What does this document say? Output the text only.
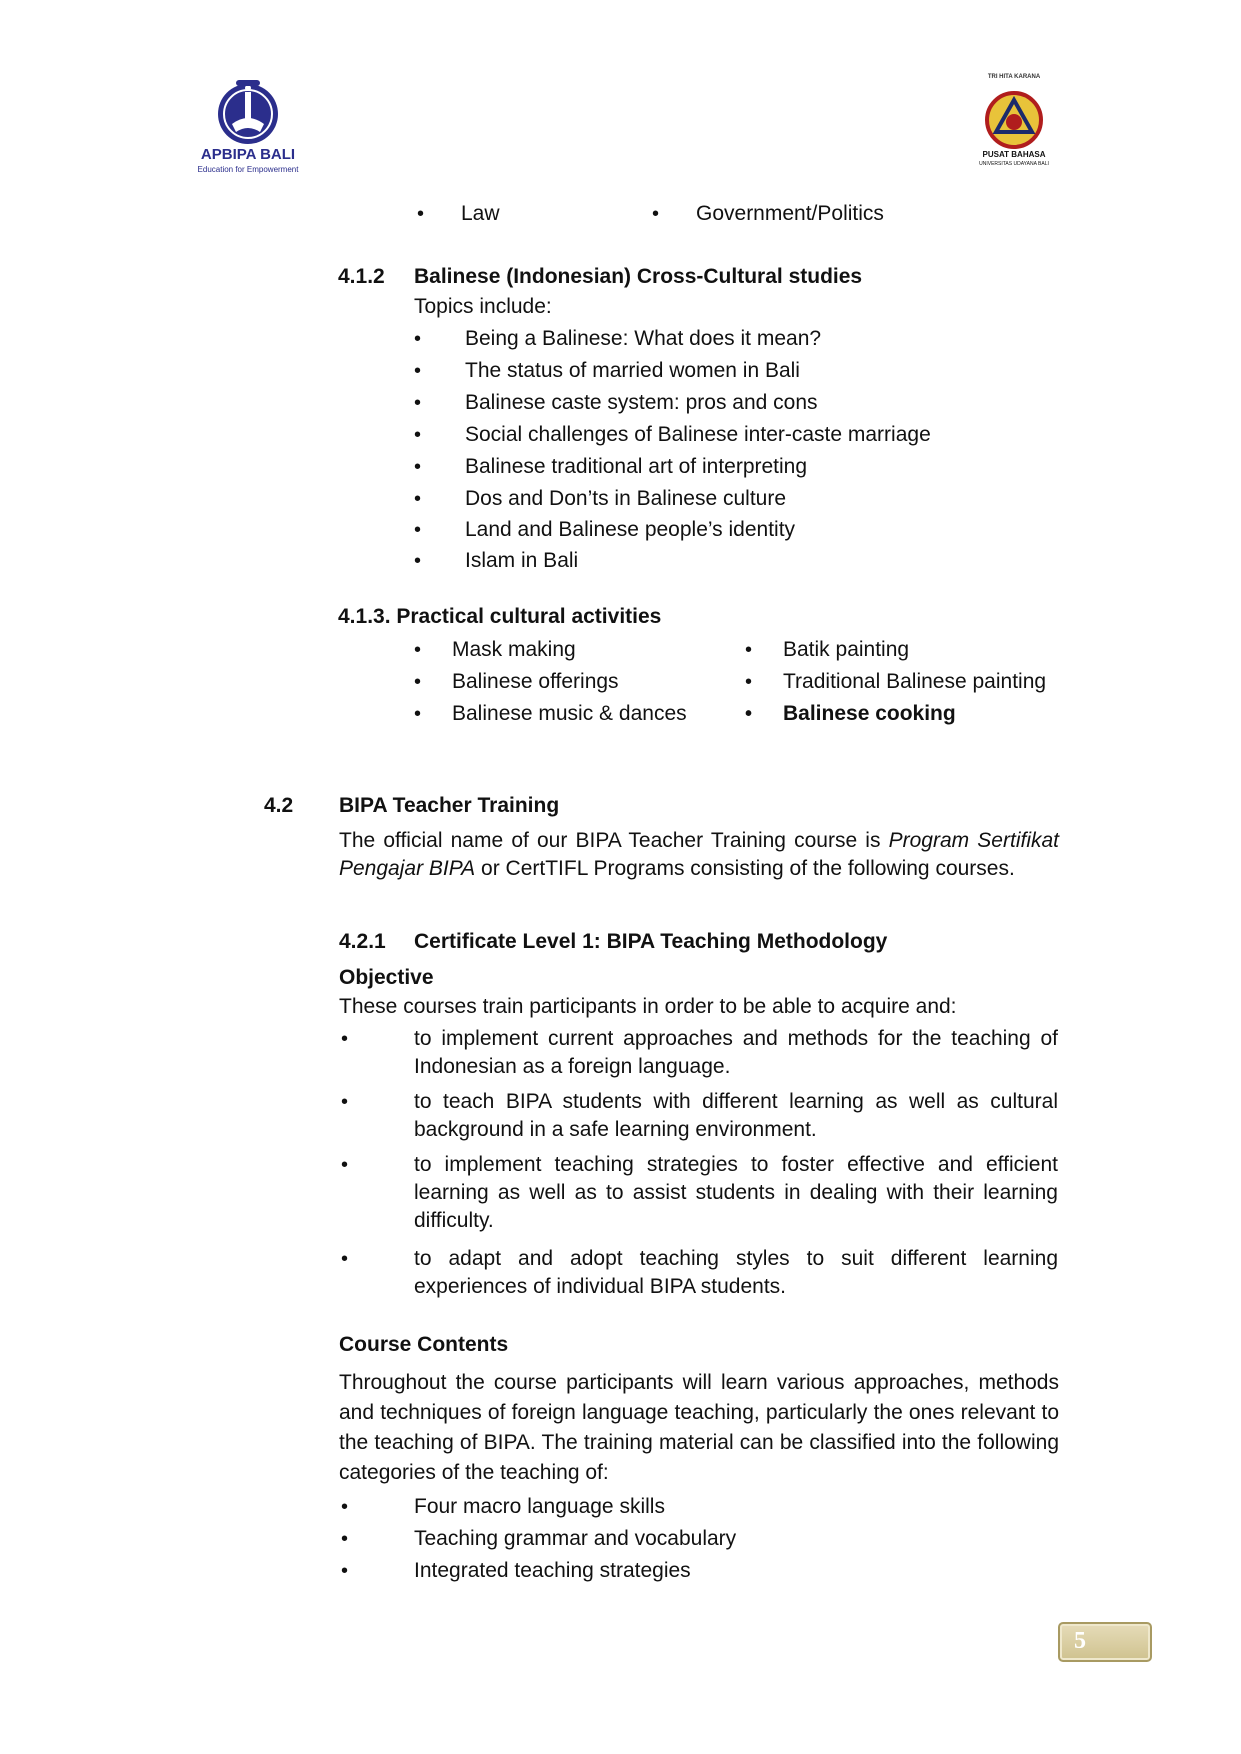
APBIPA BALI
Education for Empowerment
TRI HITA KARANA
PUSAT BAHASA
UNIVERSITAS UDAYANA BALI
• Law	• Government/Politics
4.1.2 Balinese (Indonesian) Cross-Cultural studies
Topics include:
• Being a Balinese: What does it mean?
• The status of married women in Bali
• Balinese caste system: pros and cons
• Social challenges of Balinese inter-caste marriage
• Balinese traditional art of interpreting
• Dos and Don’ts in Balinese culture
• Land and Balinese people’s identity
• Islam in Bali
4.1.3. Practical cultural activities
• Mask making
• Balinese offerings
• Balinese music & dances
• Batik painting
• Traditional Balinese painting
• Balinese cooking
4.2 BIPA Teacher Training
The official name of our BIPA Teacher Training course is Program Sertifikat Pengajar BIPA or CertTIFL Programs consisting of the following courses.
4.2.1 Certificate Level 1: BIPA Teaching Methodology
Objective
These courses train participants in order to be able to acquire and:
•	to implement current approaches and methods for the teaching of Indonesian as a foreign language.
•	to teach BIPA students with different learning as well as cultural background in a safe learning environment.
•	to implement teaching strategies to foster effective and efficient learning as well as to assist students in dealing with their learning difficulty.
•	to adapt and adopt teaching styles to suit different learning experiences of individual BIPA students.
Course Contents
Throughout the course participants will learn various approaches, methods and techniques of foreign language teaching, particularly the ones relevant to the teaching of BIPA. The training material can be classified into the following categories of the teaching of:
•	Four macro language skills
•	Teaching grammar and vocabulary
•	Integrated teaching strategies
5
